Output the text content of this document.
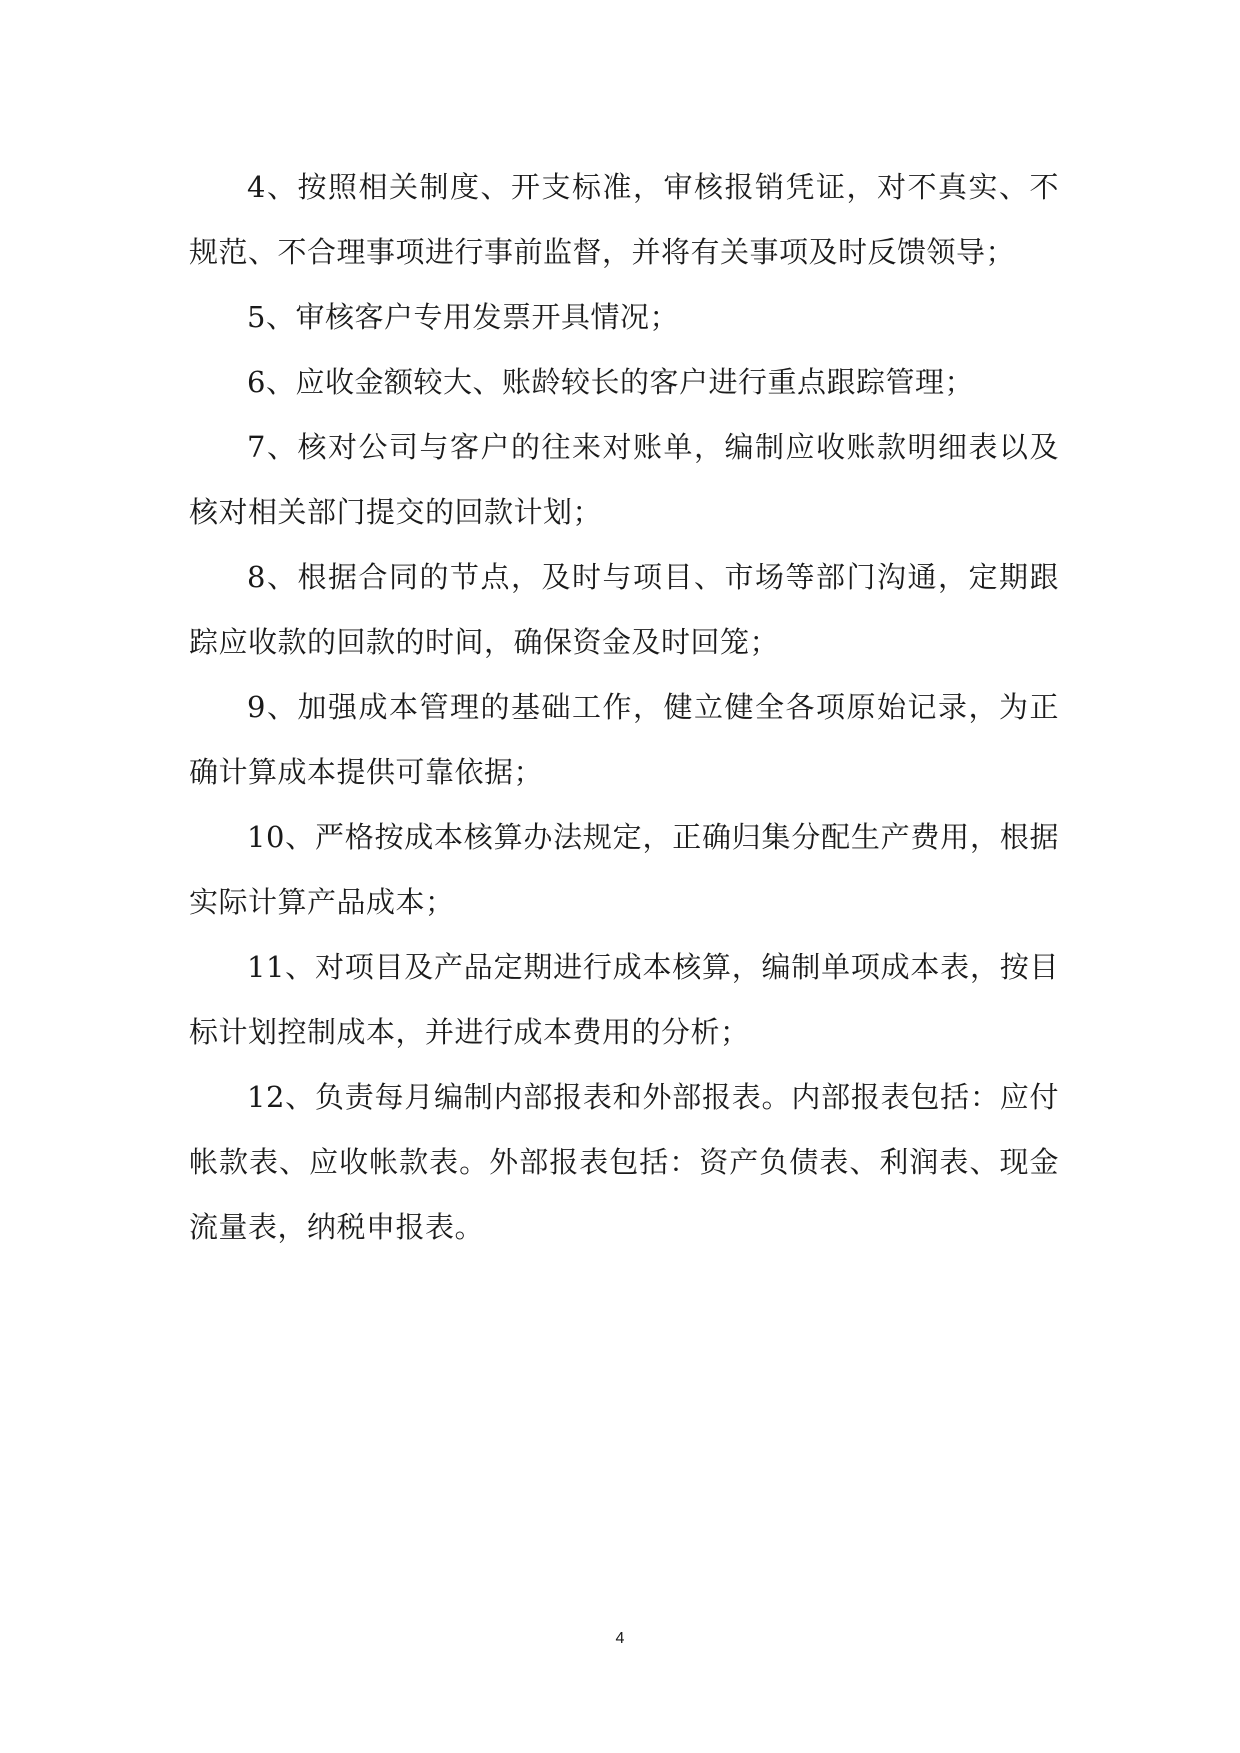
4、按照相关制度、开支标准，审核报销凭证，对不真实、不规范、不合理事项进行事前监督，并将有关事项及时反馈领导；

5、审核客户专用发票开具情况；

6、应收金额较大、账龄较长的客户进行重点跟踪管理；

7、核对公司与客户的往来对账单，编制应收账款明细表以及核对相关部门提交的回款计划；

8、根据合同的节点，及时与项目、市场等部门沟通，定期跟踪应收款的回款的时间，确保资金及时回笼；

9、加强成本管理的基础工作，健立健全各项原始记录，为正确计算成本提供可靠依据；

10、严格按成本核算办法规定，正确归集分配生产费用，根据实际计算产品成本；

11、对项目及产品定期进行成本核算，编制单项成本表，按目标计划控制成本，并进行成本费用的分析；

12、负责每月编制内部报表和外部报表。内部报表包括：应付帐款表、应收帐款表。外部报表包括：资产负债表、利润表、现金流量表，纳税申报表。

4
